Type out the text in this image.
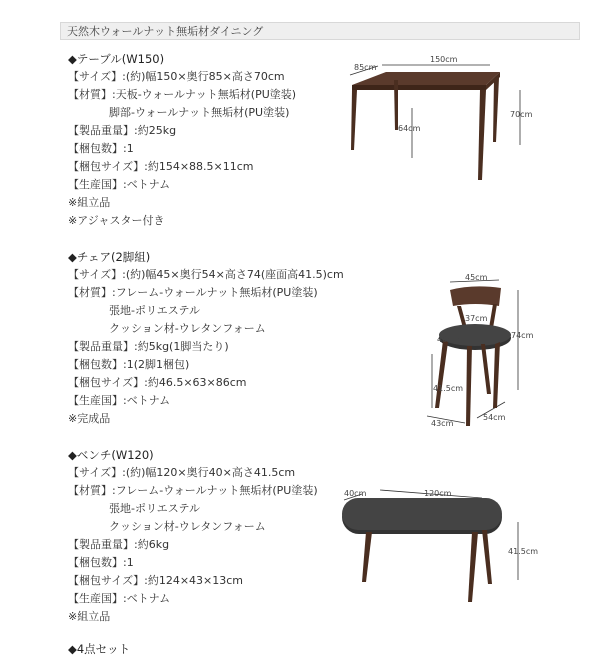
天然木ウォールナット無垢材ダイニング
◆テーブル(W150)
【サイズ】:(約)幅150×奥行85×高さ70cm
【材質】:天板-ウォールナット無垢材(PU塗装)
脚部-ウォールナット無垢材(PU塗装)
【製品重量】:約25kg
【梱包数】:1
【梱包サイズ】:約154×88.5×11cm
【生産国】:ベトナム
※組立品
※アジャスター付き
◆チェア(2脚組)
【サイズ】:(約)幅45×奥行54×高さ74(座面高41.5)cm
【材質】:フレーム-ウォールナット無垢材(PU塗装)
張地-ポリエステル
クッション材-ウレタンフォーム
【製品重量】:約5kg(1脚当たり)
【梱包数】:1(2脚1梱包)
【梱包サイズ】:約46.5×63×86cm
【生産国】:ベトナム
※完成品
◆ベンチ(W120)
【サイズ】:(約)幅120×奥行40×高さ41.5cm
【材質】:フレーム-ウォールナット無垢材(PU塗装)
張地-ポリエステル
クッション材-ウレタンフォーム
【製品重量】:約6kg
【梱包数】:1
【梱包サイズ】:約124×43×13cm
【生産国】:ベトナム
※組立品
◆4点セット
85cm
150cm
70cm
64cm
45cm
37cm
40cm	74cm
41.5cm
43cm
54cm
40cm	120cm
41.5cm
